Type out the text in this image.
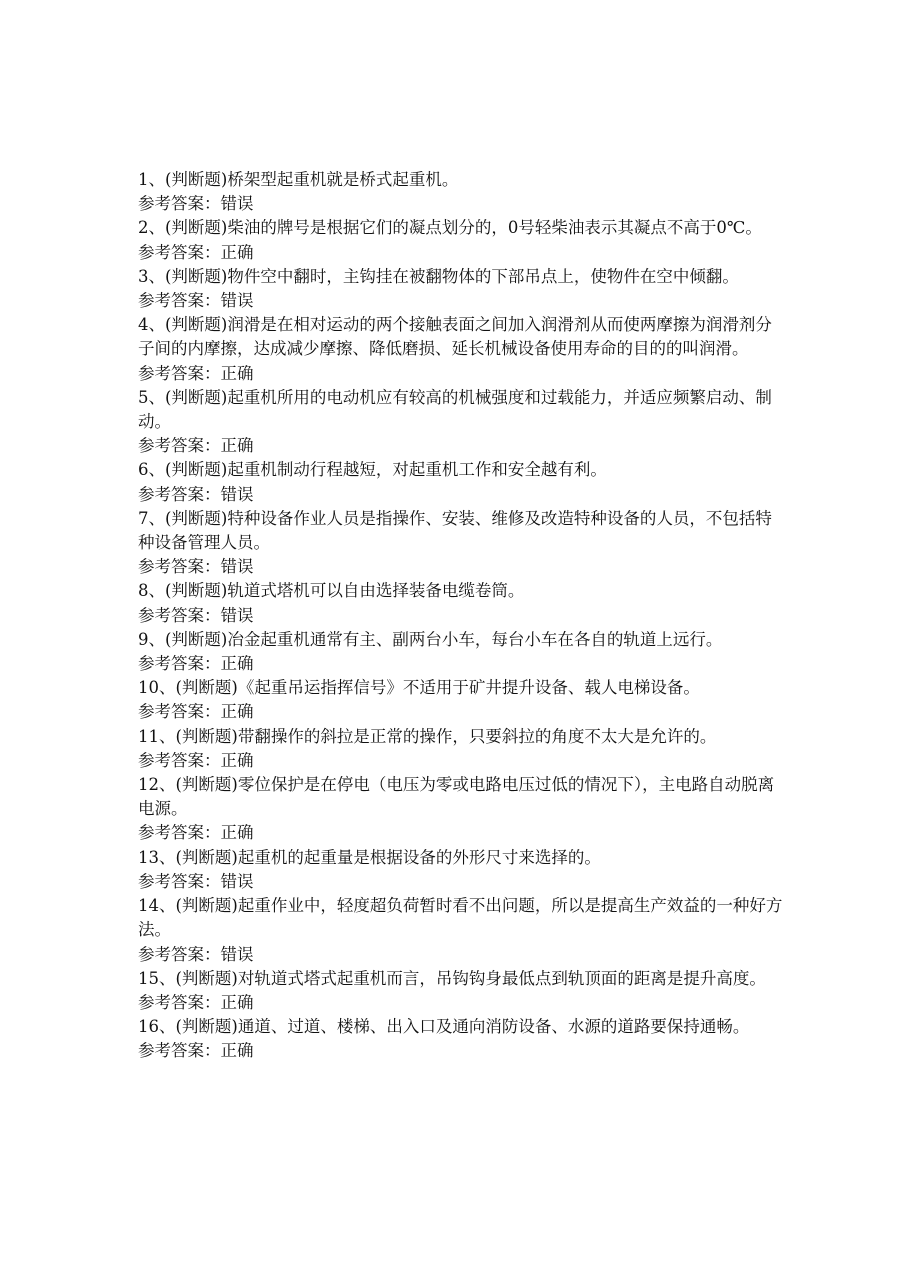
1、(判断题)桥架型起重机就是桥式起重机。

参考答案：错误

2、(判断题)柴油的牌号是根据它们的凝点划分的，0号轻柴油表示其凝点不高于0℃。

参考答案：正确

3、(判断题)物件空中翻时，主钩挂在被翻物体的下部吊点上，使物件在空中倾翻。

参考答案：错误

4、(判断题)润滑是在相对运动的两个接触表面之间加入润滑剂从而使两摩擦为润滑剂分子间的内摩擦，达成减少摩擦、降低磨损、延长机械设备使用寿命的目的的叫润滑。

参考答案：正确

5、(判断题)起重机所用的电动机应有较高的机械强度和过载能力，并适应频繁启动、制动。

参考答案：正确

6、(判断题)起重机制动行程越短，对起重机工作和安全越有利。

参考答案：错误

7、(判断题)特种设备作业人员是指操作、安装、维修及改造特种设备的人员，不包括特种设备管理人员。

参考答案：错误

8、(判断题)轨道式塔机可以自由选择装备电缆卷筒。

参考答案：错误

9、(判断题)冶金起重机通常有主、副两台小车，每台小车在各自的轨道上远行。

参考答案：正确

10、(判断题)《起重吊运指挥信号》不适用于矿井提升设备、载人电梯设备。

参考答案：正确

11、(判断题)带翻操作的斜拉是正常的操作，只要斜拉的角度不太大是允许的。

参考答案：正确

12、(判断题)零位保护是在停电（电压为零或电路电压过低的情况下），主电路自动脱离电源。

参考答案：正确

13、(判断题)起重机的起重量是根据设备的外形尺寸来选择的。

参考答案：错误

14、(判断题)起重作业中，轻度超负荷暂时看不出问题，所以是提高生产效益的一种好方法。

参考答案：错误

15、(判断题)对轨道式塔式起重机而言，吊钩钩身最低点到轨顶面的距离是提升高度。

参考答案：正确

16、(判断题)通道、过道、楼梯、出入口及通向消防设备、水源的道路要保持通畅。

参考答案：正确
